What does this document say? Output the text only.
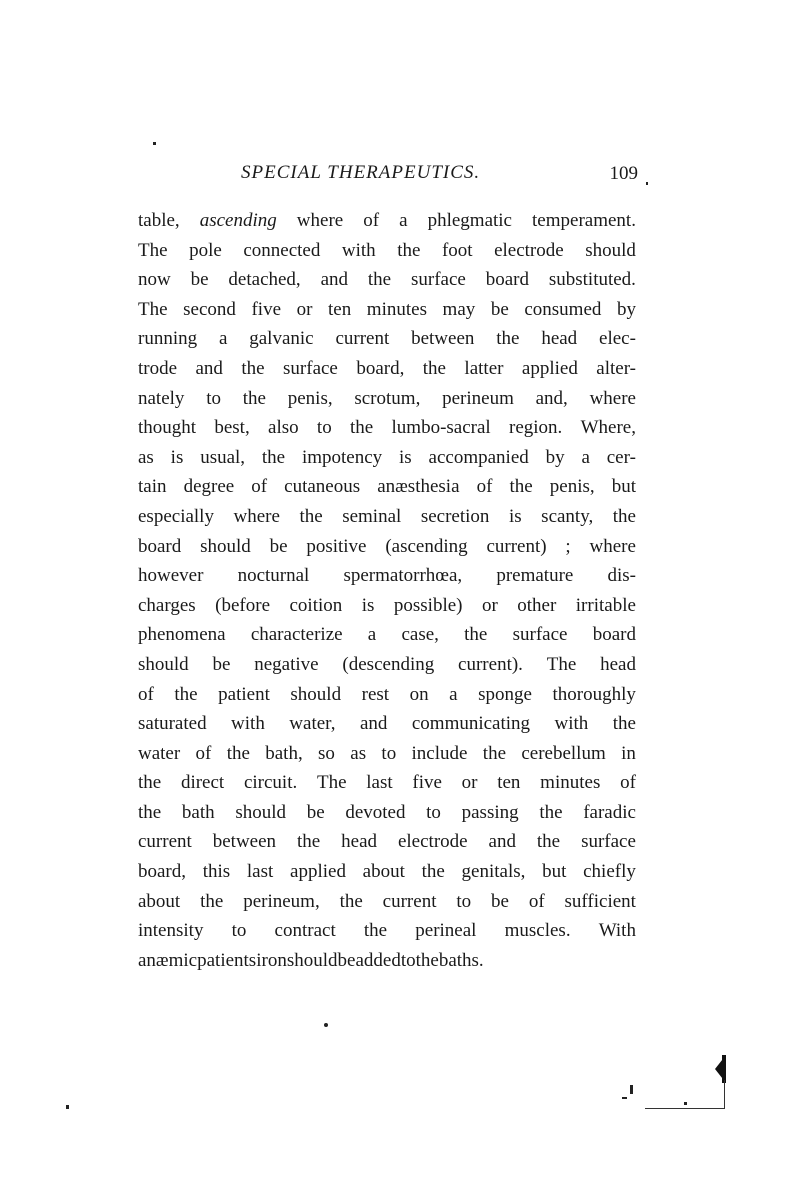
SPECIAL THERAPEUTICS.	109
table, ascending where of a phlegmatic temperament.
The pole connected with the foot electrode should
now be detached, and the surface board substituted.
The second five or ten minutes may be consumed by
running a galvanic current between the head elec-
trode and the surface board, the latter applied alter-
nately to the penis, scrotum, perineum and, where
thought best, also to the lumbo-sacral region. Where,
as is usual, the impotency is accompanied by a cer-
tain degree of cutaneous anæsthesia of the penis, but
especially where the seminal secretion is scanty, the
board should be positive (ascending current) ; where
however nocturnal spermatorrhœa, premature dis-
charges (before coition is possible) or other irritable
phenomena characterize a case, the surface board
should be negative (descending current). The head
of the patient should rest on a sponge thoroughly
saturated with water, and communicating with the
water of the bath, so as to include the cerebellum in
the direct circuit. The last five or ten minutes of
the bath should be devoted to passing the faradic
current between the head electrode and the surface
board, this last applied about the genitals, but chiefly
about the perineum, the current to be of sufficient
intensity to contract the perineal muscles. With
anæmic patients iron should be added to the baths.
